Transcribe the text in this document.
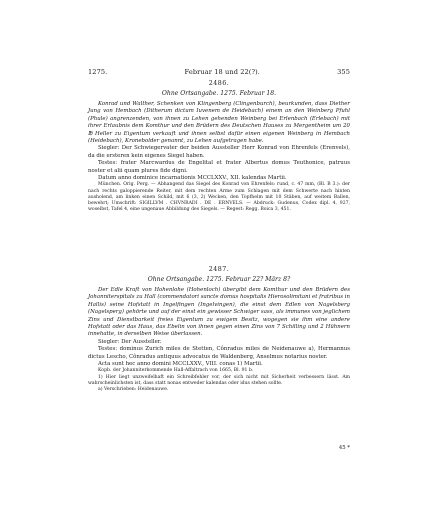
1275.	Februar 18 und 22(?).	355
2486.
Ohne Ortsangabe. 1275. Februar 18.

Konrad und Walther, Schenken von Klingenberg (Clingenburch), beurkunden, dass Diether Jung von Hembach (Ditherum dictum Iuvenem de Heidebach) einem an den Weinberg Pfuhl (Phule) angrenzenden, von ihnen zu Lehen gehenden Weinberg bei Erlenbach (Erlebach) mit ihrer Erlaubnis dem Komthur und den Brüdern des Deutschen Hauses zu Mergentheim um 20 ℔ Heller zu Eigentum verkauft und ihnen selbst dafür einen eigenen Weinberg in Hembach (Heidebach), Kronebolder genannt, zu Lehen aufgetragen habe.

Siegler: Der Schwiegervater der beiden Aussteller Herr Konrad von Ehrenfels (Erenvels), da die ersteren kein eigenes Siegel haben.

Testes: frater Marcwardus de Engelital et frater Albertus domus Teuthonice, patruus noster et alii quam plures fide digni.

Datum anno dominice incarnationis MCCLXXV., XII. kalendas Martii.

München. Orig. Perg. — Abhangend das Siegel des Konrad von Ehrenfels: rund, c. 47 mm, (Bl. B 3.): der nach rechts galoppierende Reiter, mit dem rechten Arme zum Schlagen mit dem Schwerte nach hinten ausholend, am linken einen Schild, mit 6 (3, 2) Wecken, den Topfhelm mit 10 Stäben, auf weitem Ballen, bewehrt; Umschrift: SIGILLVM . CHVNRADI . DE . ERNVELS. — Abdruck: Gudenus, Codex dipl. 4, 927, woselbst, Tafel 4, eine ungenaue Abbildung des Siegels. — Regest: Regg. Boica 3, 451.

2487.
Ohne Ortsangabe. 1275. Februar 22? März 8?

Der Edle Kraft von Hohenlohe (Hohenloch) übergibt dem Komthur und den Brüdern des Johanniterspitals zu Hall (commendatori sancte domus hospitalis Hierosolimitani et fratribus in Hallis) seine Hofstatt in Ingelfingen (Ingelvingen), die einst dem Edlen von Nagelsberg (Nagelsperg) gehörte und auf der einst ein gewisser Schwiger sass, als immunes von jeglichem Zins und Dienstbarkeit freies Eigentum zu ewigem Besitz, wogegen sie ihm eine andere Hofstatt oder das Haus, das Ebelin von ihnen gegen einen Zins von 7 Schilling und 2 Hühnern innehatte, in derselben Weise überlassen.

Siegler: Der Aussteller.

Testes: dominus Zurich miles de Stetten, Cônradus miles de Neidenauwe a), Hermannus dictus Lescho, Cônradus antiquus advocatus de Waldenberg, Anselmus notarius noster.

Acta sunt hec anno domini MCCLXXV., VIII. conas 1) Martii.

Kopb. der Johanniterkommende Hall-Affaltrach von 1665, Bl. 91 b.

1) Hier liegt unzweifelhaft ein Schreibfehler vor, der sich nicht mit Sicherheit verbessern lässt. Am wahrscheinlichsten ist, dass statt nonas entweder kalendas oder idus stehen sollte.

a) Verschrieben: Heidenauwe.

45 *
